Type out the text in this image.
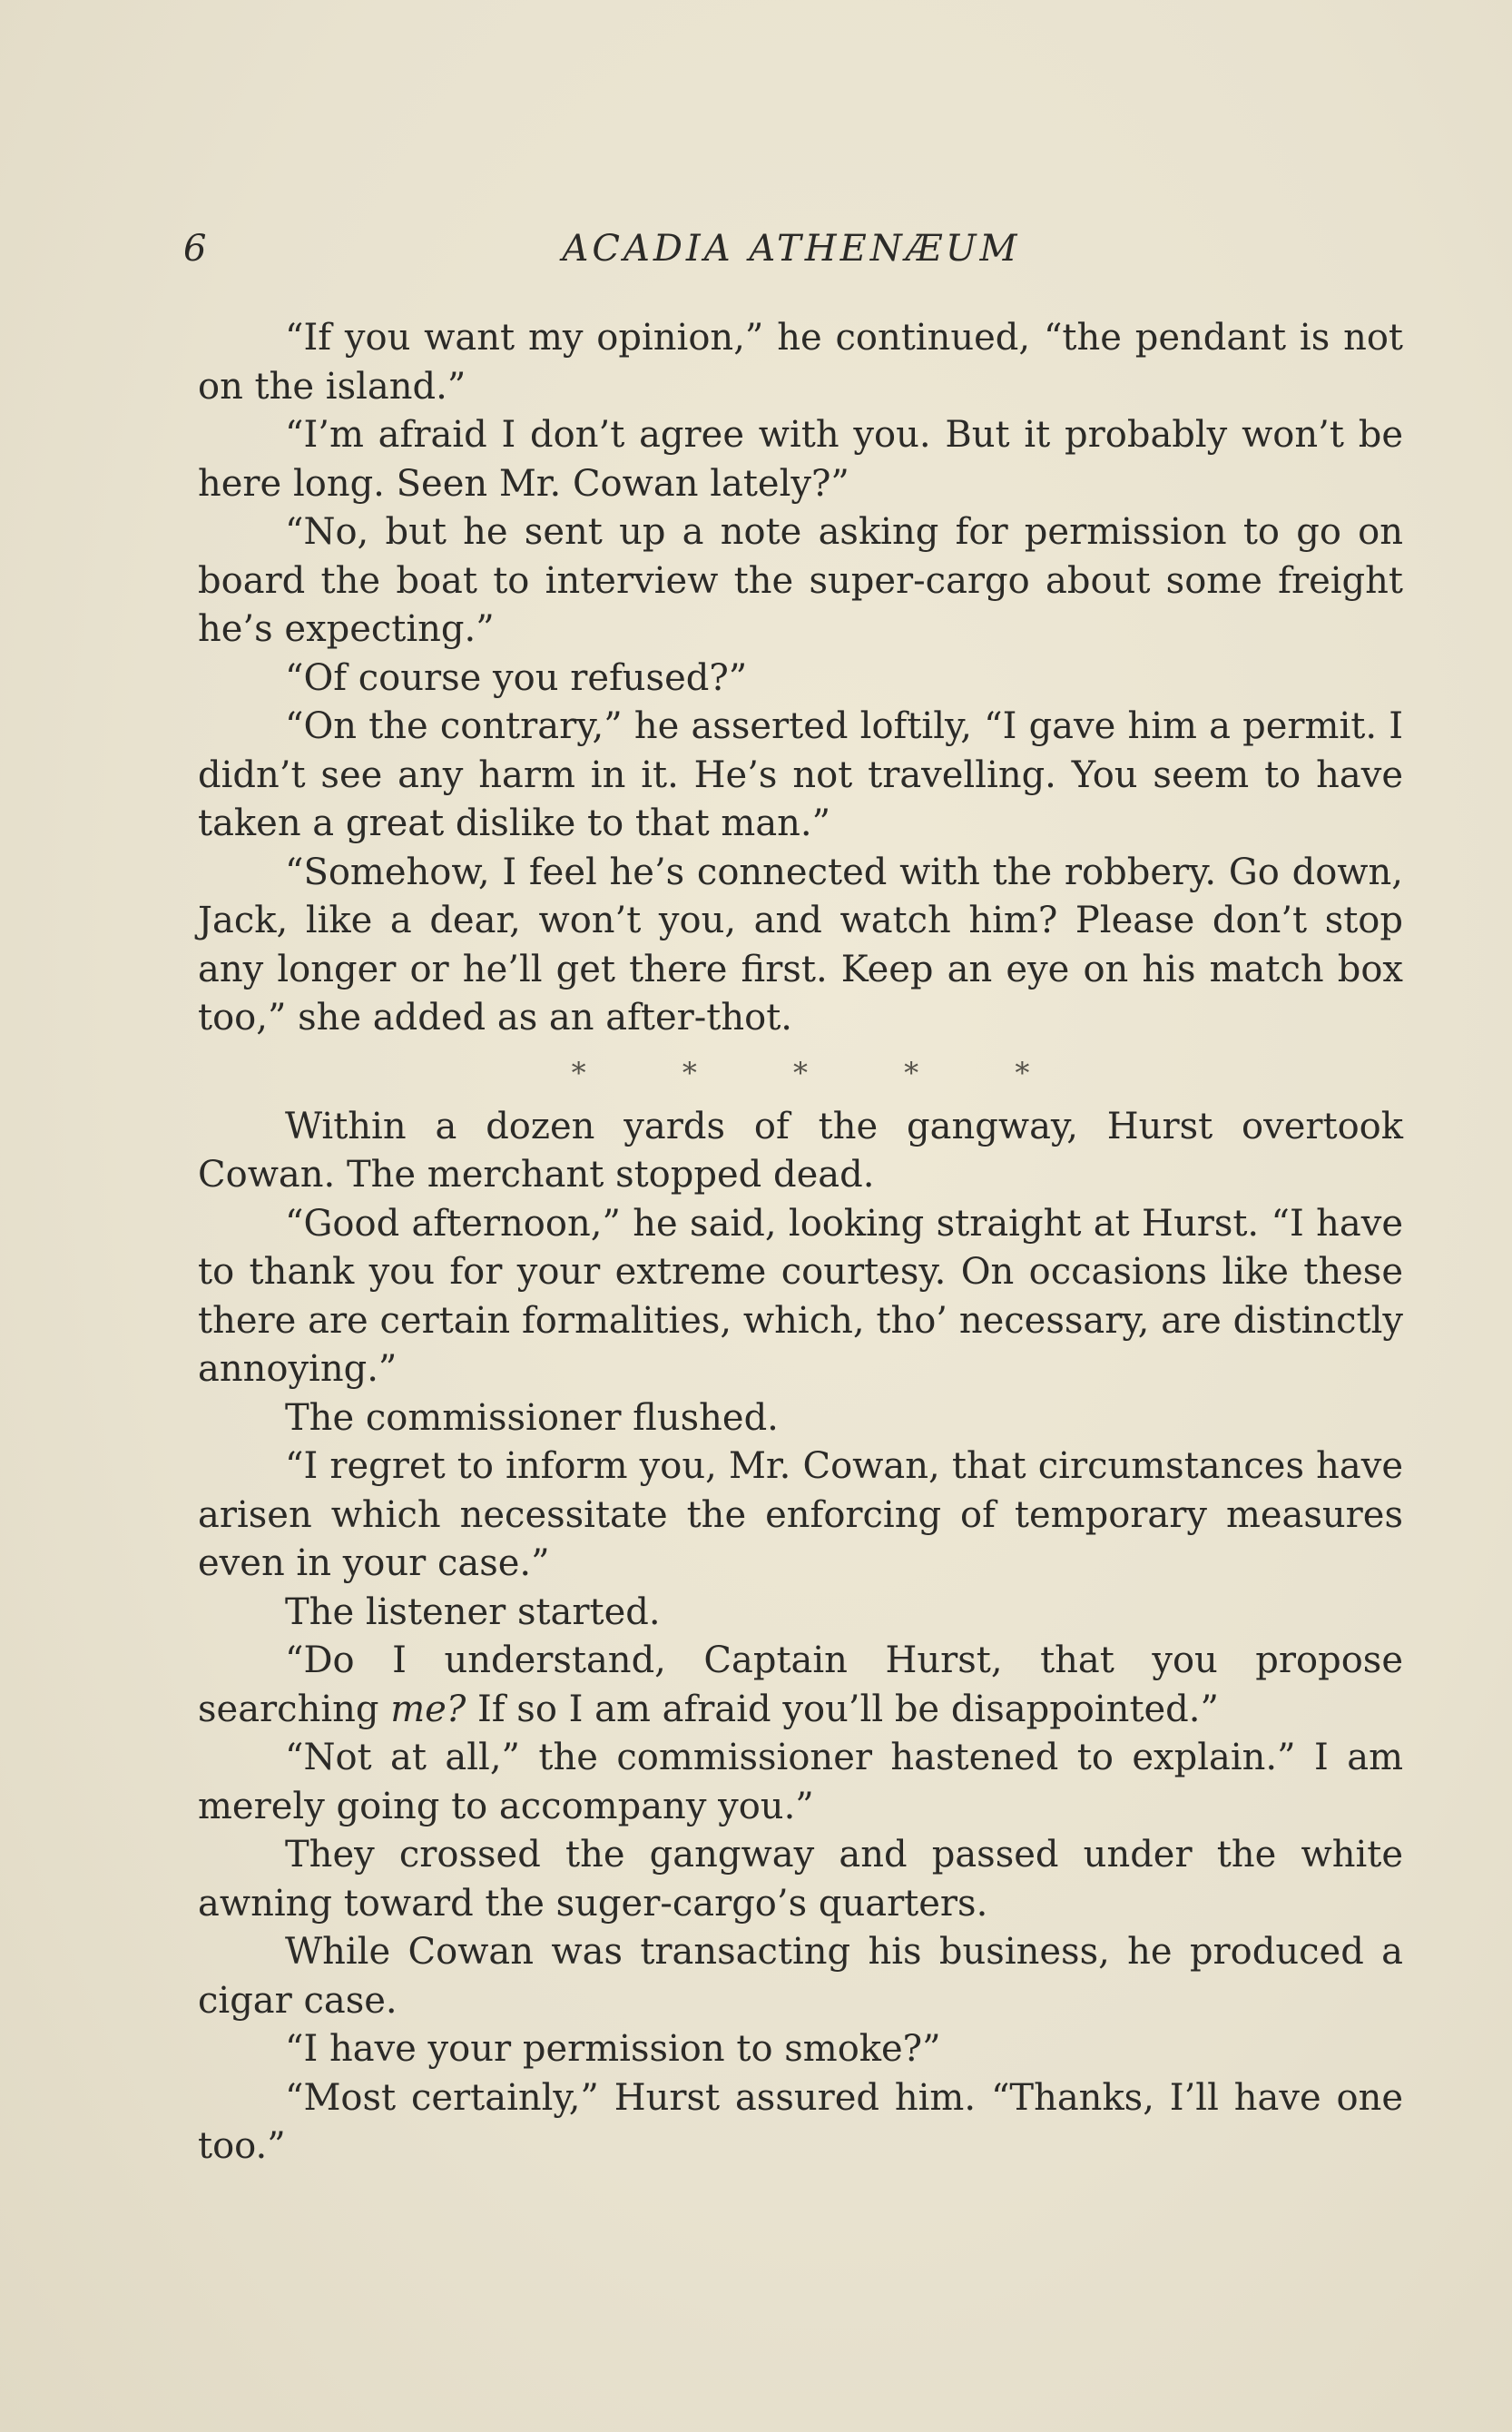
6	ACADIA ATHENÆUM

“If you want my opinion,” he continued, “the pendant is not on the island.”

“I’m afraid I don’t agree with you. But it probably won’t be here long. Seen Mr. Cowan lately?”

“No, but he sent up a note asking for permission to go on board the boat to interview the super-cargo about some freight he’s expecting.”

“Of course you refused?”

“On the contrary,” he asserted loftily, “I gave him a permit. I didn’t see any harm in it. He’s not travelling. You seem to have taken a great dislike to that man.”

“Somehow, I feel he’s connected with the robbery. Go down, Jack, like a dear, won’t you, and watch him? Please don’t stop any longer or he’ll get there first. Keep an eye on his match box too,” she added as an after-thot.

* * * * *

Within a dozen yards of the gangway, Hurst overtook Cowan. The merchant stopped dead.

“Good afternoon,” he said, looking straight at Hurst. “I have to thank you for your extreme courtesy. On occasions like these there are certain formalities, which, tho’ necessary, are distinctly annoying.”

The commissioner flushed.

“I regret to inform you, Mr. Cowan, that circumstances have arisen which necessitate the enforcing of temporary measures even in your case.”

The listener started.

“Do I understand, Captain Hurst, that you propose searching me? If so I am afraid you’ll be disappointed.”

“Not at all,” the commissioner hastened to explain.” I am merely going to accompany you.”

They crossed the gangway and passed under the white awning toward the suger-cargo’s quarters.

While Cowan was transacting his business, he produced a cigar case.

“I have your permission to smoke?”

“Most certainly,” Hurst assured him. “Thanks, I’ll have one too.”
